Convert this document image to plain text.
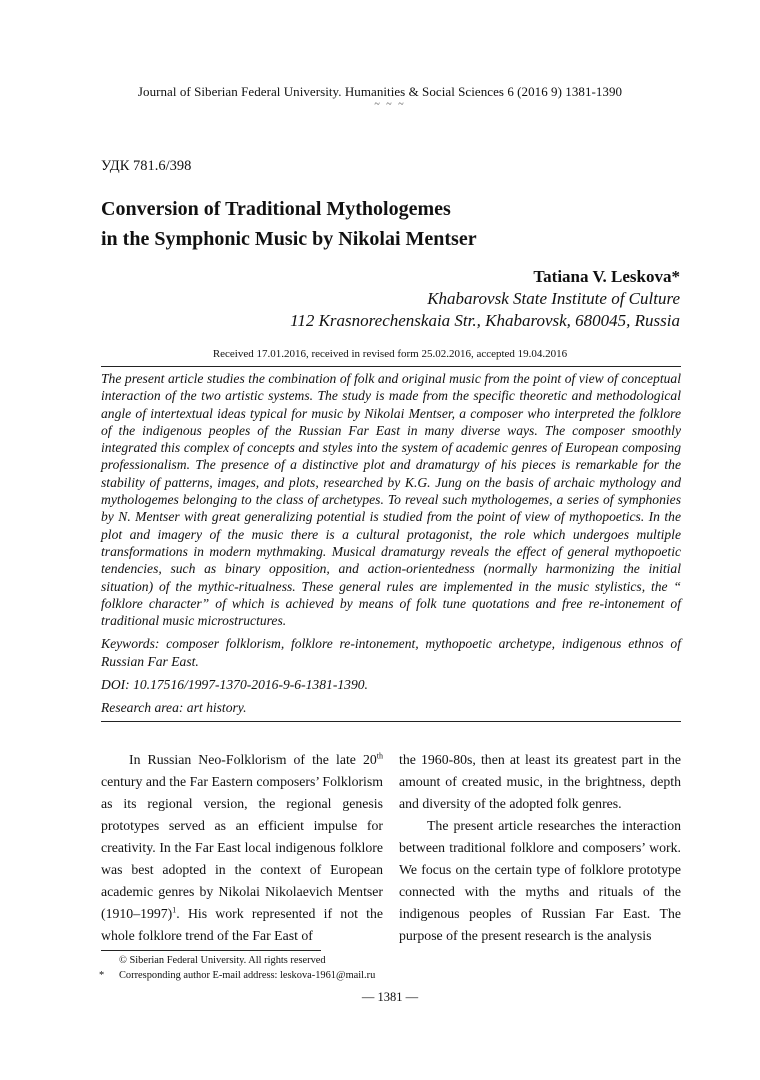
Journal of Siberian Federal University. Humanities & Social Sciences 6 (2016 9) 1381-1390
~ ~ ~
УДК 781.6/398
Conversion of Traditional Mythologemes
in the Symphonic Music by Nikolai Mentser
Tatiana V. Leskova*
Khabarovsk State Institute of Culture
112 Krasnorechenskaia Str., Khabarovsk, 680045, Russia
Received 17.01.2016, received in revised form 25.02.2016, accepted 19.04.2016

The present article studies the combination of folk and original music from the point of view of conceptual interaction of the two artistic systems. The study is made from the specific theoretic and methodological angle of intertextual ideas typical for music by Nikolai Mentser, a composer who interpreted the folklore of the indigenous peoples of the Russian Far East in many diverse ways. The composer smoothly integrated this complex of concepts and styles into the system of academic genres of European composing professionalism. The presence of a distinctive plot and dramaturgy of his pieces is remarkable for the stability of patterns, images, and plots, researched by K.G. Jung on the basis of archaic mythology and mythologemes belonging to the class of archetypes. To reveal such mythologemes, a series of symphonies by N. Mentser with great generalizing potential is studied from the point of view of mythopoetics. In the plot and imagery of the music there is a cultural protagonist, the role which undergoes multiple transformations in modern mythmaking. Musical dramaturgy reveals the effect of general mythopoetic tendencies, such as binary opposition, and action-orientedness (normally harmonizing the initial situation) of the mythic-ritualness. These general rules are implemented in the music stylistics, the “ folklore character” of which is achieved by means of folk tune quotations and free re-intonement of traditional music microstructures.

Keywords: composer folklorism, folklore re-intonement, mythopoetic archetype, indigenous ethnos of Russian Far East.

DOI: 10.17516/1997-1370-2016-9-6-1381-1390.

Research area: art history.

In Russian Neo-Folklorism of the late 20th century and the Far Eastern composers’ Folklorism as its regional version, the regional genesis prototypes served as an efficient impulse for creativity. In the Far East local indigenous folklore was best adopted in the context of European academic genres by Nikolai Nikolaevich Mentser (1910–1997)$^1$. His work represented if not the whole folklore trend of the Far East of

the 1960-80s, then at least its greatest part in the amount of created music, in the brightness, depth and diversity of the adopted folk genres.

The present article researches the interaction between traditional folklore and composers’ work. We focus on the certain type of folklore prototype connected with the myths and rituals of the indigenous peoples of Russian Far East. The purpose of the present research is the analysis

© Siberian Federal University. All rights reserved
* Corresponding author E-mail address: leskova-1961@mail.ru
— 1381 —
